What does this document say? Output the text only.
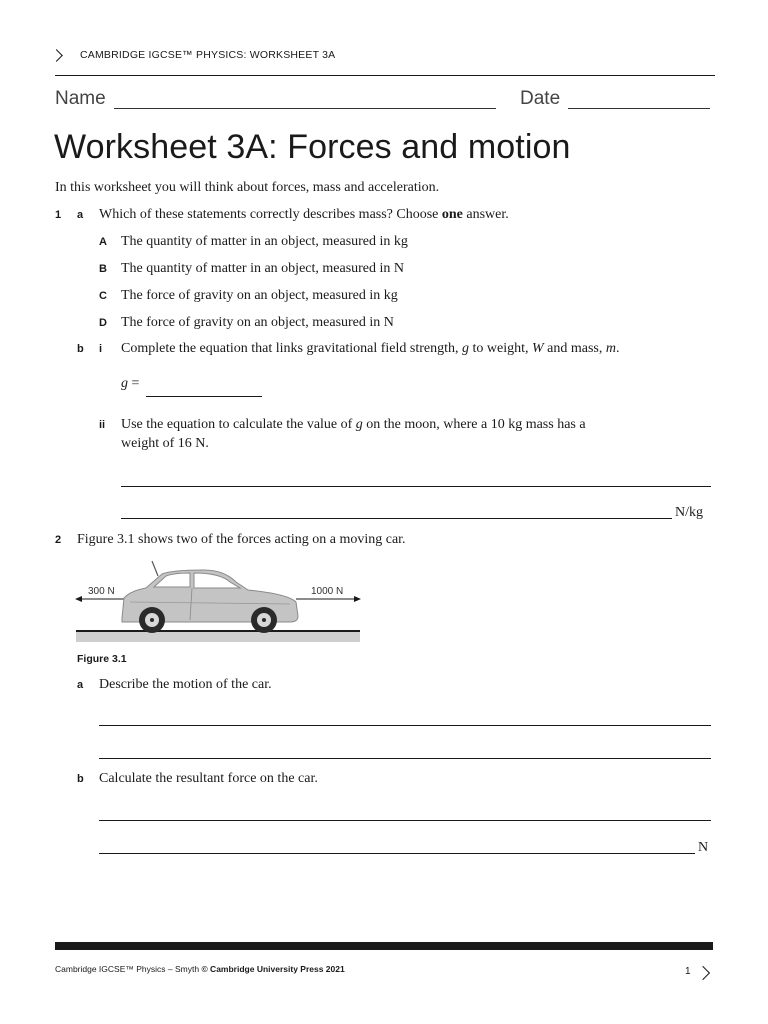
CAMBRIDGE IGCSE™ PHYSICS: WORKSHEET 3A
Name	Date
Worksheet 3A: Forces and motion
In this worksheet you will think about forces, mass and acceleration.
1 a Which of these statements correctly describes mass? Choose one answer.
A The quantity of matter in an object, measured in kg
B The quantity of matter in an object, measured in N
C The force of gravity on an object, measured in kg
D The force of gravity on an object, measured in N
b i Complete the equation that links gravitational field strength, g to weight, W and mass, m.
g =
ii Use the equation to calculate the value of g on the moon, where a 10 kg mass has a
weight of 16 N.
N/kg
2 Figure 3.1 shows two of the forces acting on a moving car.
300 N	1000 N
Figure 3.1
a Describe the motion of the car.
b Calculate the resultant force on the car.
N
Cambridge IGCSE™ Physics – Smyth © Cambridge University Press 2021	1
